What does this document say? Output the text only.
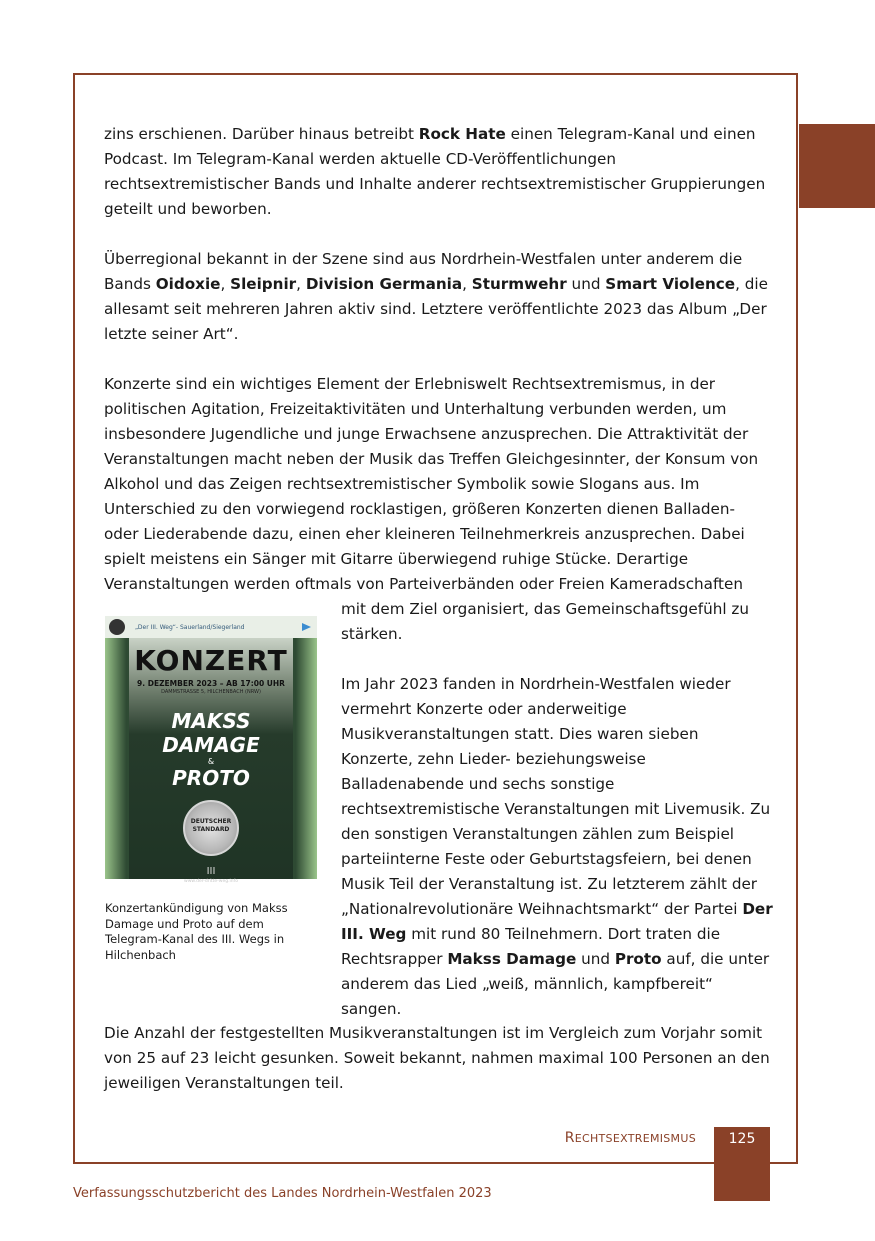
zins erschienen. Darüber hinaus betreibt Rock Hate einen Telegram-Kanal und einen Podcast. Im Telegram-Kanal werden aktuelle CD-Veröffentlichungen rechtsextremistischer Bands und Inhalte anderer rechtsextremistischer Gruppierungen geteilt und beworben.

Überregional bekannt in der Szene sind aus Nordrhein-Westfalen unter anderem die Bands Oidoxie, Sleipnir, Division Germania, Sturmwehr und Smart Violence, die allesamt seit mehreren Jahren aktiv sind. Letztere veröffentlichte 2023 das Album „Der letzte seiner Art“.

Konzerte sind ein wichtiges Element der Erlebniswelt Rechtsextremismus, in der politischen Agitation, Freizeitaktivitäten und Unterhaltung verbunden werden, um insbesondere Jugendliche und junge Erwachsene anzusprechen. Die Attraktivität der Veranstaltungen macht neben der Musik das Treffen Gleichgesinnter, der Konsum von Alkohol und das Zeigen rechtsextremistischer Symbolik sowie Slogans aus. Im Unterschied zu den vorwiegend rocklastigen, größeren Konzerten dienen Balladen- oder Liederabende dazu, einen eher kleineren Teilnehmerkreis anzusprechen. Dabei spielt meistens ein Sänger mit Gitarre überwiegend ruhige Stücke. Derartige Veranstaltungen werden oftmals von Parteiverbänden oder Freien Kameradschaften

mit dem Ziel organisiert, das Gemeinschaftsgefühl zu stärken.

Im Jahr 2023 fanden in Nordrhein-Westfalen wieder vermehrt Konzerte oder anderweitige Musikveranstaltungen statt. Dies waren sieben Konzerte, zehn Lieder- beziehungsweise Balladenabende und sechs sonstige rechtsextremistische Veranstaltungen mit Livemusik. Zu den sonstigen Veranstaltungen zählen zum Beispiel parteiinterne Feste oder Geburtstagsfeiern, bei denen Musik Teil der Veranstaltung ist. Zu letzterem zählt der „Nationalrevolutionäre Weihnachtsmarkt“ der Partei Der III. Weg mit rund 80 Teilnehmern. Dort traten die Rechtsrapper Makss Damage und Proto auf, die unter anderem das Lied „weiß, männlich, kampfbereit“ sangen.

Die Anzahl der festgestellten Musikveranstaltungen ist im Vergleich zum Vorjahr somit von 25 auf 23 leicht gesunken. Soweit bekannt, nahmen maximal 100 Personen an den jeweiligen Veranstaltungen teil.

„Der III. Weg“- Sauerland/Siegerland
KONZERT
9. DEZEMBER 2023 – AB 17:00 UHR
DAMMSTRASSE 5, HILCHENBACH (NRW)
MAKSS DAMAGE
&
PROTO
DEUTSCHER STANDARD
III
www.der-dritte-weg.info

Konzertankündigung von Makss Damage und Proto auf dem Telegram-Kanal des III. Wegs in Hilchenbach

RECHTSEXTREMISMUS	125
Verfassungsschutzbericht des Landes Nordrhein-Westfalen 2023
